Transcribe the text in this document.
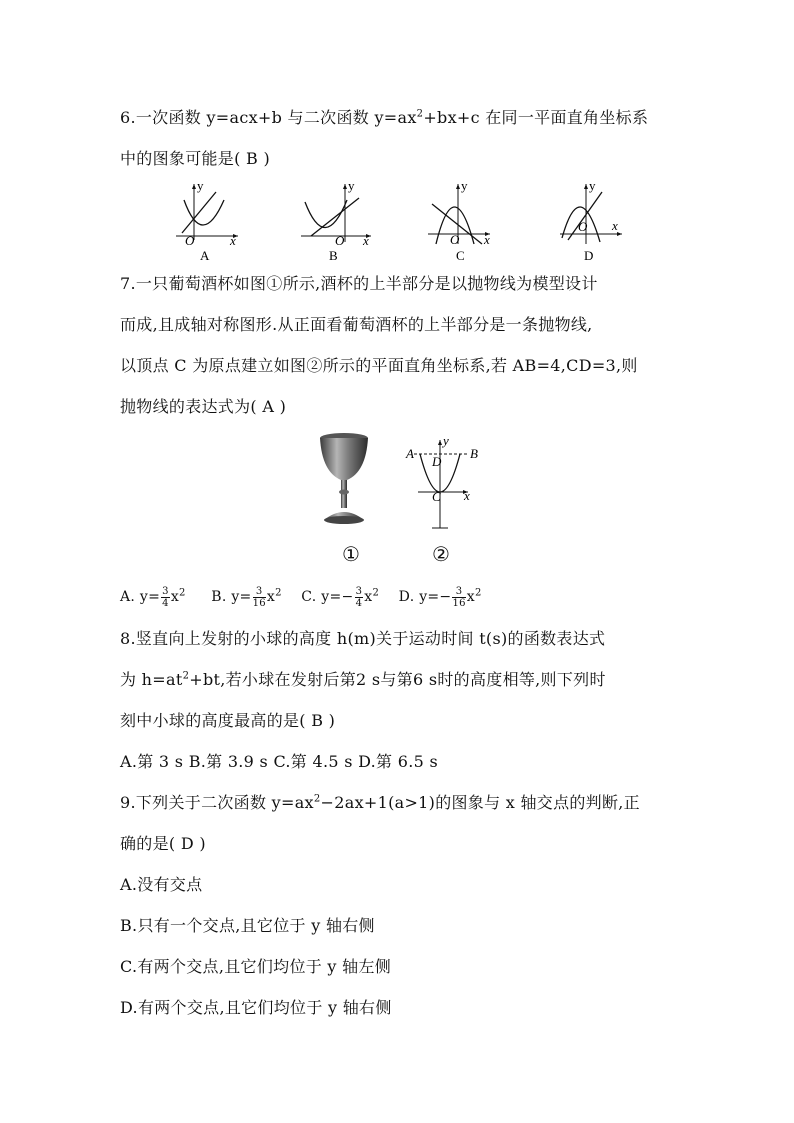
6.一次函数 y=acx+b 与二次函数 $y=ax^2+bx+c$ 在同一平面直角坐标系
中的图象可能是( B )
y
O	x
A
y
O x
B
y
O x
C
y
O x
D
7.一只葡萄酒杯如图①所示,酒杯的上半部分是以抛物线为模型设计
而成,且成轴对称图形.从正面看葡萄酒杯的上半部分是一条抛物线,
以顶点 C 为原点建立如图②所示的平面直角坐标系,若 AB=4,CD=3,则
抛物线的表达式为( A )
A	B
D
C
y
x
①	②
A. $y= \frac{3}{4} x^2$ B. $y= \frac{3}{16} x^2$ C. $y=- \frac{3}{4} x^2$ D. $y=- \frac{3}{16} x^2$
8.竖直向上发射的小球的高度 h(m)关于运动时间 t(s)的函数表达式
为 $h=at^2+bt$,若小球在发射后第2 s与第6 s时的高度相等,则下列时
刻中小球的高度最高的是( B )
A.第 3 s B.第 3.9 s C.第 4.5 s D.第 6.5 s
9.下列关于二次函数 $y=ax^2-2ax+1(a>1)$的图象与 x 轴交点的判断,正
确的是( D )
A.没有交点
B.只有一个交点,且它位于 y 轴右侧
C.有两个交点,且它们均位于 y 轴左侧
D.有两个交点,且它们均位于 y 轴右侧
